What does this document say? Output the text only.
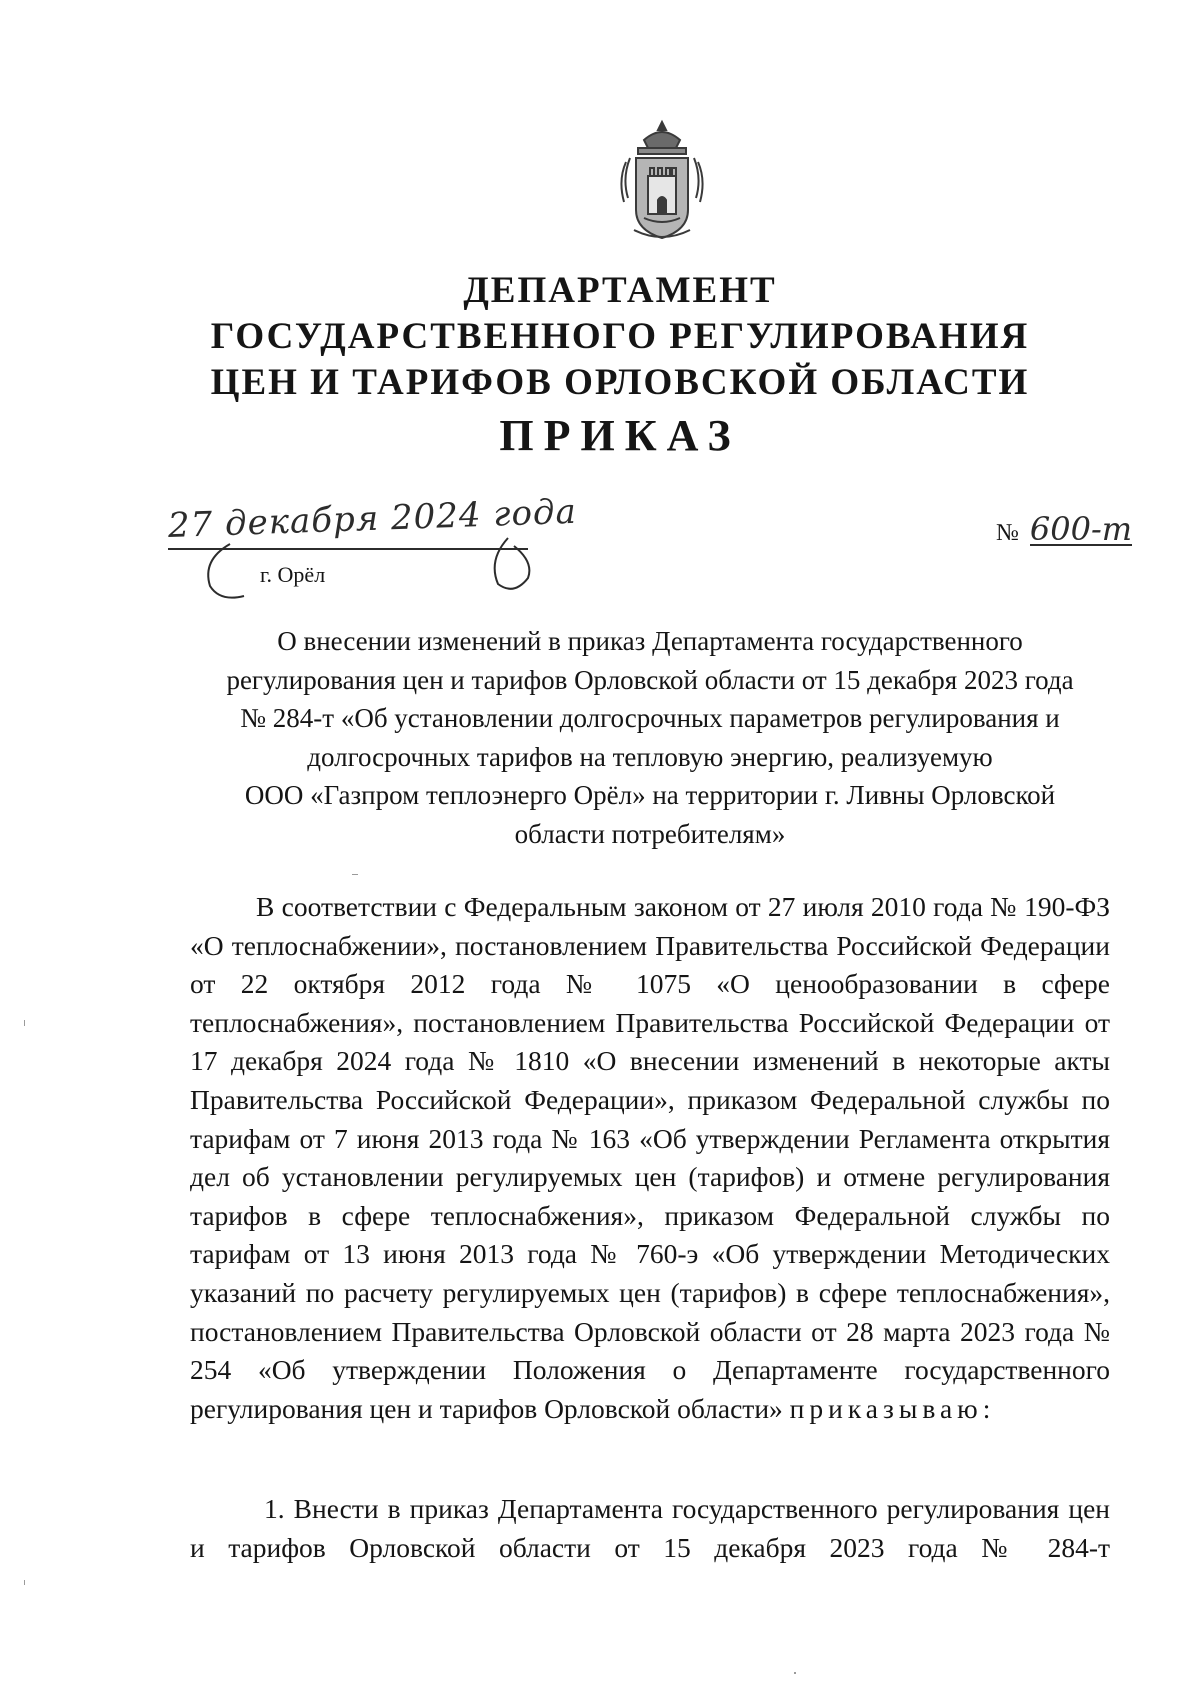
ДЕПАРТАМЕНТ
ГОСУДАРСТВЕННОГО РЕГУЛИРОВАНИЯ
ЦЕН И ТАРИФОВ ОРЛОВСКОЙ ОБЛАСТИ
ПРИКАЗ
27 декабря 2024 года
г. Орёл
№ 600-т
О внесении изменений в приказ Департамента государственного
регулирования цен и тарифов Орловской области от 15 декабря 2023 года
№ 284-т «Об установлении долгосрочных параметров регулирования и
долгосрочных тарифов на тепловую энергию, реализуемую
ООО «Газпром теплоэнерго Орёл» на территории г. Ливны Орловской
области потребителям»
В соответствии с Федеральным законом от 27 июля 2010 года № 190-ФЗ «О теплоснабжении», постановлением Правительства Российской Федерации от 22 октября 2012 года № 1075 «О ценообразовании в сфере теплоснабжения», постановлением Правительства Российской Федерации от 17 декабря 2024 года № 1810 «О внесении изменений в некоторые акты Правительства Российской Федерации», приказом Федеральной службы по тарифам от 7 июня 2013 года № 163 «Об утверждении Регламента открытия дел об установлении регулируемых цен (тарифов) и отмене регулирования тарифов в сфере теплоснабжения», приказом Федеральной службы по тарифам от 13 июня 2013 года № 760-э «Об утверждении Методических указаний по расчету регулируемых цен (тарифов) в сфере теплоснабжения», постановлением Правительства Орловской области от 28 марта 2023 года № 254 «Об утверждении Положения о Департаменте государственного регулирования цен и тарифов Орловской области» приказываю:
1. Внести в приказ Департамента государственного регулирования цен и тарифов Орловской области от 15 декабря 2023 года № 284-т
